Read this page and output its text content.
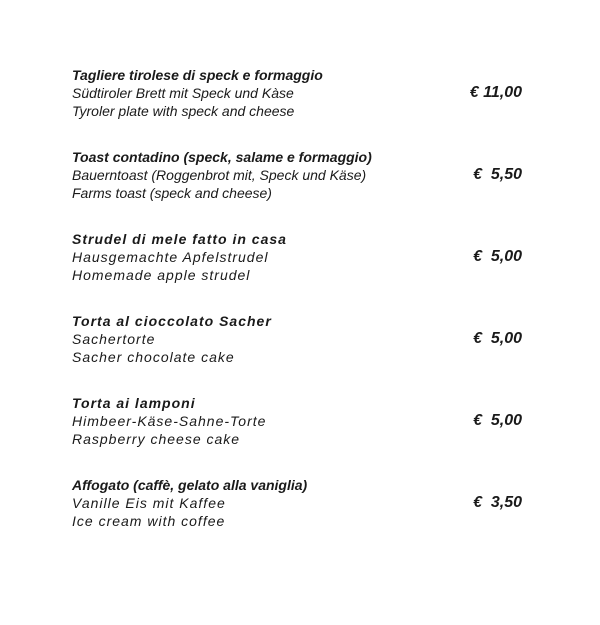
Tagliere tirolese di speck e formaggio
Südtiroler Brett mit Speck und Kàse
Tyroler plate with speck and cheese
€ 11,00
Toast contadino (speck, salame e formaggio)
Bauerntoast (Roggenbrot mit, Speck und Käse)
Farms toast (speck and cheese)
€  5,50
Strudel di mele fatto in casa
Hausgemachte Apfelstrudel
Homemade apple strudel
€  5,00
Torta al cioccolato Sacher
Sachertorte
Sacher chocolate cake
€  5,00
Torta ai lamponi
Himbeer-Käse-Sahne-Torte
Raspberry cheese cake
€  5,00
Affogato (caffè, gelato alla vaniglia)
Vanille Eis mit Kaffee
Ice cream with coffee
€  3,50
